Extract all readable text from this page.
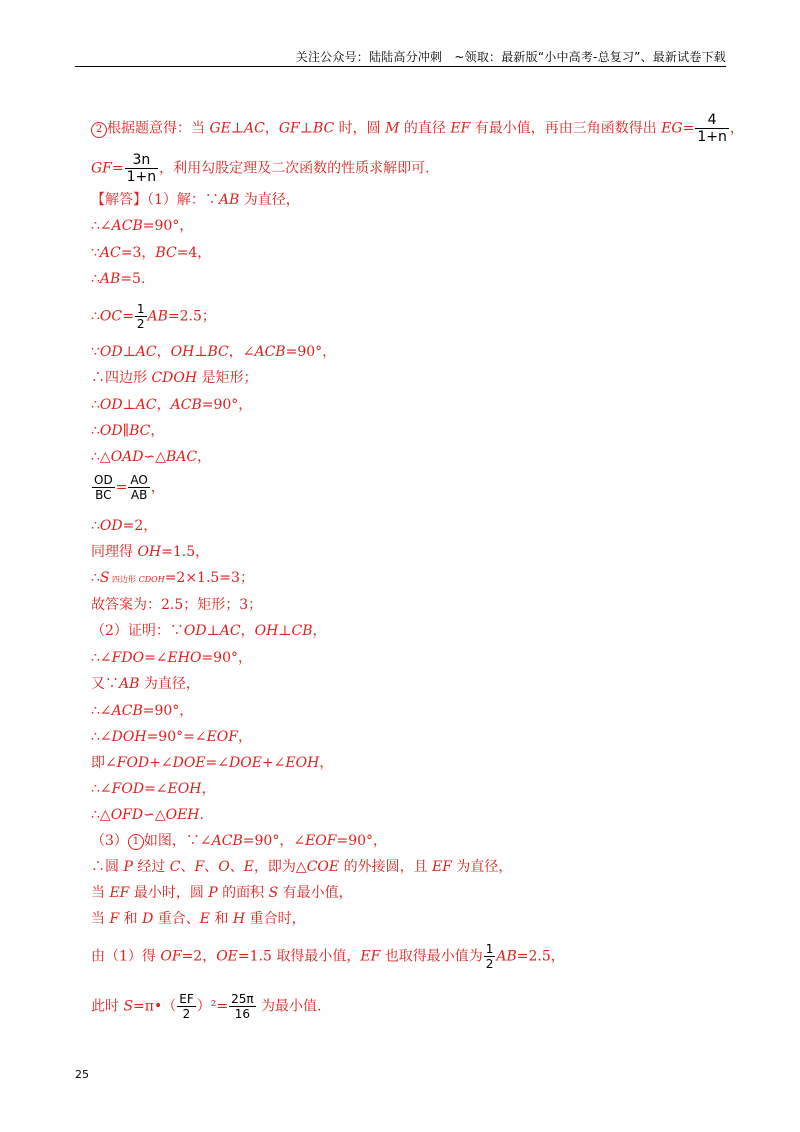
关注公众号：陆陆高分冲刺　~领取：最新版“小中高考-总复习”、最新试卷下载
2 根据题意得：当 GE⊥AC，GF⊥BC 时，圆 M 的直径 EF 有最小值，再由三角函数得出 $EG= \frac{4}{1+n}$ ，
$GF= \frac{3n}{1+n}$ ，利用勾股定理及二次函数的性质求解即可.
【解答】（1）解：∵AB 为直径，
∴∠ACB=90°，
∵AC=3，BC=4，
∴AB=5.
∴OC= $\frac{1}{2} AB=2.5$；
∵OD⊥AC，OH⊥BC，∠ACB=90°，
∴四边形 CDOH 是矩形；
∴OD⊥AC，ACB=90°，
∴OD∥BC，
∴△OAD∽△BAC，
$\frac{OD}{BC} = \frac{AO}{AB}$ ，
∴OD=2，
同理得 OH=1.5，
∴S 四边形 CDOH=2×1.5=3；
故答案为：2.5；矩形；3；
（2）证明：∵OD⊥AC，OH⊥CB，
∴∠FDO=∠EHO=90°，
又∵AB 为直径，
∴∠ACB=90°，
∴∠DOH=90°=∠EOF，
即∠FOD+∠DOE=∠DOE+∠EOH，
∴∠FOD=∠EOH，
∴△OFD∽△OEH.
（3） 1 如图，∵∠ACB=90°，∠EOF=90°，
∴圆 P 经过 C、F、O、E，即为△COE 的外接圆，且 EF 为直径，
当 EF 最小时，圆 P 的面积 S 有最小值，
当 F 和 D 重合、E 和 H 重合时，
由（1）得 OF=2，OE=1.5 取得最小值，EF 也取得最小值为 $\frac{1}{2} AB=2.5$，
此时 S=π•（ $\frac{EF}{2} )^2= \frac{25\pi}{16}$ 为最小值.
25
